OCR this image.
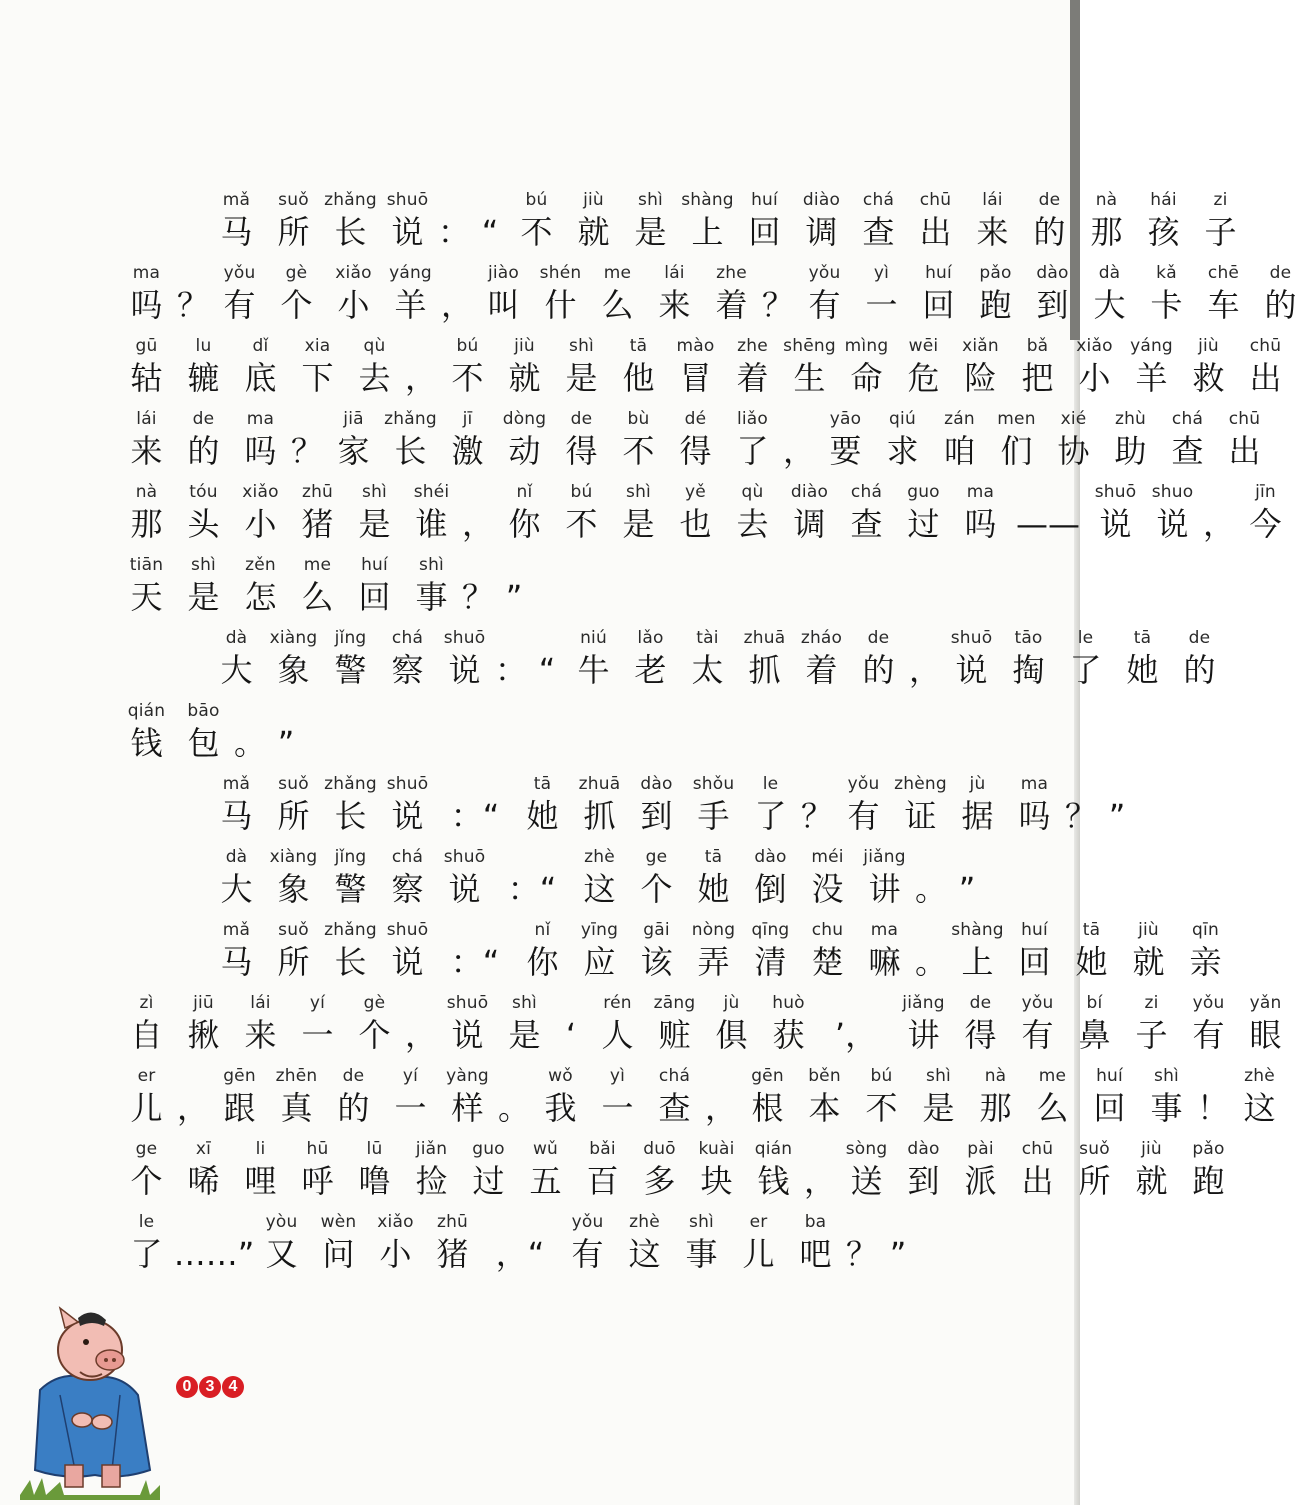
mǎ
马
suǒ
所
zhǎng
长
shuō
说 ： “
bú
不
jiù
就
shì
是
shàng
上
huí
回
diào
调
chá
查
chū
出
lái
来
de
的
nà
那
hái
孩
zi
子
ma
吗 ？
yǒu
有
gè
个
xiǎo
小
yáng
羊 ，
jiào
叫
shén
什
me
么
lái
来
zhe
着 ？
yǒu
有
yì
一
huí
回
pǎo
跑
dào
到
dà
大
kǎ
卡
chē
车
de
的
gū
轱
lu
辘
dǐ
底
xia
下
qù
去 ，
bú
不
jiù
就
shì
是
tā
他
mào
冒
zhe
着
shēng
生
mìng
命
wēi
危
xiǎn
险
bǎ
把
xiǎo
小
yáng
羊
jiù
救
chū
出
lái
来
de
的
ma
吗 ？
jiā
家
zhǎng
长
jī
激
dòng
动
de
得
bù
不
dé
得
liǎo
了 ，
yāo
要
qiú
求
zán
咱
men
们
xié
协
zhù
助
chá
查
chū
出
nà
那
tóu
头
xiǎo
小
zhū
猪
shì
是
shéi
谁 ，
nǐ
你
bú
不
shì
是
yě
也
qù
去
diào
调
chá
查
guo
过
ma
吗 ——
shuō
说
shuo
说 ，
jīn
今
tiān
天
shì
是
zěn
怎
me
么
huí
回
shì
事 ？ ”
dà
大
xiàng
象
jǐng
警
chá
察
shuō
说 ： “
niú
牛
lǎo
老
tài
太
zhuā
抓
zháo
着
de
的 ，
shuō
说
tāo
掏
le
了
tā
她
de
的
qián
钱
bāo
包 。 ”
mǎ
马
suǒ
所
zhǎng
长
shuō
说 ：“
tā
她
zhuā
抓
dào
到
shǒu
手
le
了 ？
yǒu
有
zhèng
证
jù
据
ma
吗 ？ ”
dà
大
xiàng
象
jǐng
警
chá
察
shuō
说 ：“
zhè
这
ge
个
tā
她
dào
倒
méi
没
jiǎng
讲 。 ”
mǎ
马
suǒ
所
zhǎng
长
shuō
说 ：“
nǐ
你
yīng
应
gāi
该
nòng
弄
qīng
清
chu
楚
ma
嘛 。
shàng
上
huí
回
tā
她
jiù
就
qīn
亲
zì
自
jiū
揪
lái
来
yí
一
gè
个 ，
shuō
说
shì
是 ‘
rén
人
zāng
赃
jù
俱
huò
获 ’，
jiǎng
讲
de
得
yǒu
有
bí
鼻
zi
子
yǒu
有
yǎn
眼
er
儿 ，
gēn
跟
zhēn
真
de
的
yí
一
yàng
样 。
wǒ
我
yì
一
chá
查 ，
gēn
根
běn
本
bú
不
shì
是
nà
那
me
么
huí
回
shì
事 ！
zhè
这
ge
个
xī
唏
li
哩
hū
呼
lū
噜
jiǎn
捡
guo
过
wǔ
五
bǎi
百
duō
多
kuài
块
qián
钱 ，
sòng
送
dào
到
pài
派
chū
出
suǒ
所
jiù
就
pǎo
跑
le
了 ……”
yòu
又
wèn
问
xiǎo
小
zhū
猪 ，“
yǒu
有
zhè
这
shì
事
er
儿
ba
吧 ？ ”
0 3 4
